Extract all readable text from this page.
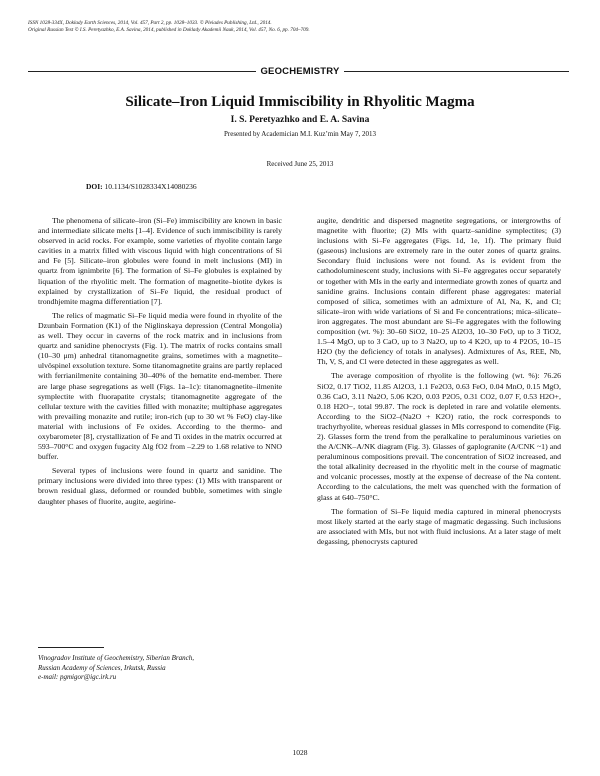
ISSN 1028-334X, Doklady Earth Sciences, 2014, Vol. 457, Part 2, pp. 1028–1033. © Pleiades Publishing, Ltd., 2014.
Original Russian Text © I.S. Peretyazhko, E.A. Savina, 2014, published in Doklady Akademii Nauk, 2014, Vol. 457, No. 6, pp. 704–709.
GEOCHEMISTRY
Silicate–Iron Liquid Immiscibility in Rhyolitic Magma
I. S. Peretyazhko and E. A. Savina
Presented by Academician M.I. Kuz’min May 7, 2013
Received June 25, 2013
DOI: 10.1134/S1028334X14080236

The phenomena of silicate–iron (Si–Fe) immiscibility are known in basic and intermediate silicate melts [1–4]. Evidence of such immiscibility is rarely observed in acid rocks. For example, some varieties of rhyolite contain large cavities in a matrix filled with viscous liquid with high concentrations of Si and Fe [5]. Silicate–iron globules were found in melt inclusions (MI) in quartz from ignimbrite [6]. The formation of Si–Fe globules is explained by liquation of the rhyolitic melt. The formation of magnetite–biotite dykes is explained by crystallization of Si–Fe liquid, the residual product of trondhjemite magma differentiation [7].

The relics of magmatic Si–Fe liquid media were found in rhyolite of the Dzunbain Formation (K1) of the Niglinskaya depression (Central Mongolia) as well. They occur in caverns of the rock matrix and in inclusions from quartz and sanidine phenocrysts (Fig. 1). The matrix of rocks contains small (10–30 μm) anhedral titanomagnetite grains, sometimes with a magnetite–ulvöspinel exsolution texture. Some titanomagnetite grains are partly replaced with ferrianilmenite containing 30–40% of the hematite end-member. There are large phase segregations as well (Figs. 1a–1c): titanomagnetite–ilmenite symplectite with fluorapatite crystals; titanomagnetite aggregate of the cellular texture with the cavities filled with monazite; multiphase aggregates with prevailing monazite and rutile; iron-rich (up to 30 wt % FeO) clay-like material with inclusions of Fe oxides. According to the thermo- and oxybarometer [8], crystallization of Fe and Ti oxides in the matrix occurred at 593–700°C and oxygen fugacity Δlg fO2 from –2.29 to 1.68 relative to NNO buffer.

Several types of inclusions were found in quartz and sanidine. The primary inclusions were divided into three types: (1) MIs with transparent or brown residual glass, deformed or rounded bubble, sometimes with single daughter phases of fluorite, augite, aegirine-

augite, dendritic and dispersed magnetite segregations, or intergrowths of magnetite with fluorite; (2) MIs with quartz–sanidine symplectites; (3) inclusions with Si–Fe aggregates (Figs. 1d, 1e, 1f). The primary fluid (gaseous) inclusions are extremely rare in the outer zones of quartz grains. Secondary fluid inclusions were not found. As is evident from the cathodoluminescent study, inclusions with Si–Fe aggregates occur separately or together with MIs in the early and intermediate growth zones of quartz and sanidine grains. Inclusions contain different phase aggregates: material composed of silica, sometimes with an admixture of Al, Na, K, and Cl; silicate–iron with wide variations of Si and Fe concentrations; mica–silicate–iron aggregates. The most abundant are Si–Fe aggregates with the following composition (wt. %): 30–60 SiO2, 10–25 Al2O3, 10–30 FeO, up to 3 TiO2, 1.5–4 MgO, up to 3 CaO, up to 3 Na2O, up to 4 K2O, up to 4 P2O5, 10–15 H2O (by the deficiency of totals in analyses). Admixtures of As, REE, Nb, Th, V, S, and Cl were detected in these aggregates as well.

The average composition of rhyolite is the following (wt. %): 76.26 SiO2, 0.17 TiO2, 11.85 Al2O3, 1.1 Fe2O3, 0.63 FeO, 0.04 MnO, 0.15 MgO, 0.36 CaO, 3.11 Na2O, 5.06 K2O, 0.03 P2O5, 0.31 CO2, 0.07 F, 0.53 H2O+, 0.18 H2O−, total 99.87. The rock is depleted in rare and volatile elements. According to the SiO2–(Na2O + K2O) ratio, the rock corresponds to trachyrhyolite, whereas residual glasses in MIs correspond to comendite (Fig. 2). Glasses form the trend from the peralkaline to peraluminous varieties on the A/CNK–A/NK diagram (Fig. 3). Glasses of gaplogranite (A/CNK ~1) and peraluminous compositions prevail. The concentration of SiO2 increased, and the total alkalinity decreased in the rhyolitic melt in the course of magmatic and volcanic processes, mostly at the expense of decrease of the Na content. According to the calculations, the melt was quenched with the formation of glass at 640–750°C.

The formation of Si–Fe liquid media captured in mineral phenocrysts most likely started at the early stage of magmatic degassing. Such inclusions are associated with MIs, but not with fluid inclusions. At a later stage of melt degassing, phenocrysts captured

Vinogradov Institute of Geochemistry, Siberian Branch,
Russian Academy of Sciences, Irkutsk, Russia
e-mail: pgmigor@igc.irk.ru
1028
